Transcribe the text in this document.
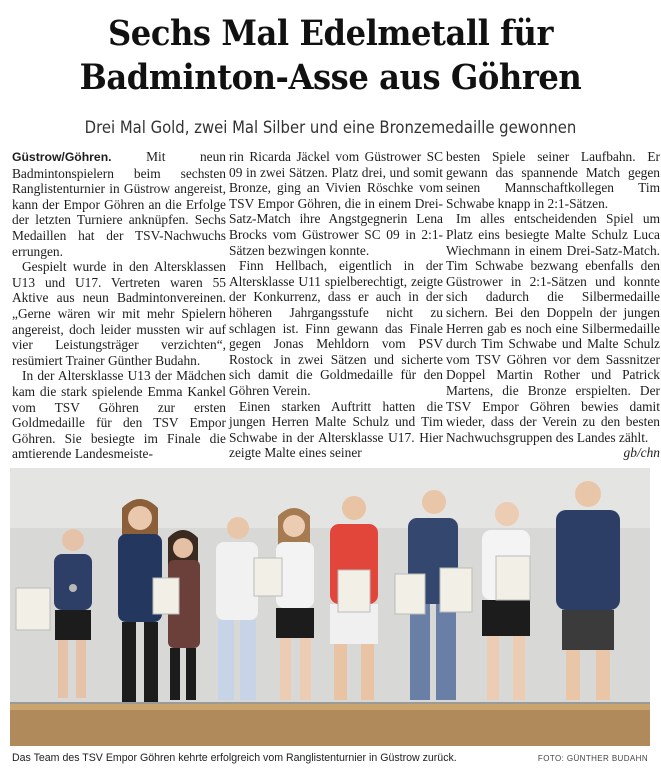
Sechs Mal Edelmetall für
Badminton-Asse aus Göhren
Drei Mal Gold, zwei Mal Silber und eine Bronzemedaille gewonnen

Güstrow/Göhren.	Mit neun Badmintonspielern beim sechsten Ranglistenturnier in Güstrow angereist, kann der Empor Göhren an die Erfolge der letzten Turniere anknüpfen. Sechs Medaillen hat der TSV-Nachwuchs errungen.

Gespielt wurde in den Altersklassen U13 und U17. Vertreten waren 55 Aktive aus neun Badmintonvereinen. „Gerne wären wir mit mehr Spielern angereist, doch leider mussten wir auf vier Leistungsträger verzichten“, resümiert Trainer Günther Budahn.

In der Altersklasse U13 der Mädchen kam die stark spielende Emma Kankel vom TSV Göhren zur ersten Goldmedaille für den TSV Empor Göhren. Sie besiegte im Finale die amtierende Landesmeiste-

rin Ricarda Jäckel vom Güstrower SC 09 in zwei Sätzen. Platz drei, und somit Bronze, ging an Vivien Röschke vom TSV Empor Göhren, die in einem Drei-Satz-Match ihre Angstgegnerin Lena Brocks vom Güstrower SC 09 in 2:1-Sätzen bezwingen konnte.

Finn Hellbach, eigentlich in der Altersklasse U11 spielberechtigt, zeigte der Konkurrenz, dass er auch in der höheren Jahrgangsstufe nicht zu schlagen ist. Finn gewann das Finale gegen Jonas Mehldorn vom PSV Rostock in zwei Sätzen und sicherte sich damit die Goldmedaille für den Göhren Verein.

Einen starken Auftritt hatten die jungen Herren Malte Schulz und Tim Schwabe in der Altersklasse U17. Hier zeigte Malte eines seiner

besten Spiele seiner Laufbahn. Er gewann das spannende Match gegen seinen Mannschaftkollegen Tim Schwabe knapp in 2:1-Sätzen.

Im alles entscheidenden Spiel um Platz eins besiegte Malte Schulz Luca Wiechmann in einem Drei-Satz-Match. Tim Schwabe bezwang ebenfalls den Güstrower in 2:1-Sätzen und konnte sich dadurch die Silbermedaille sichern. Bei den Doppeln der jungen Herren gab es noch eine Silbermedaille durch Tim Schwabe und Malte Schulz vom TSV Göhren vor dem Sassnitzer Doppel Martin Rother und Patrick Martens, die Bronze erspielten. Der TSV Empor Göhren bewies damit wieder, dass der Verein zu den besten Nachwuchsgruppen des Landes zählt.
gb/chn

Das Team des TSV Empor Göhren kehrte erfolgreich vom Ranglistenturnier in Güstrow zurück.	FOTO: GÜNTHER BUDAHN
